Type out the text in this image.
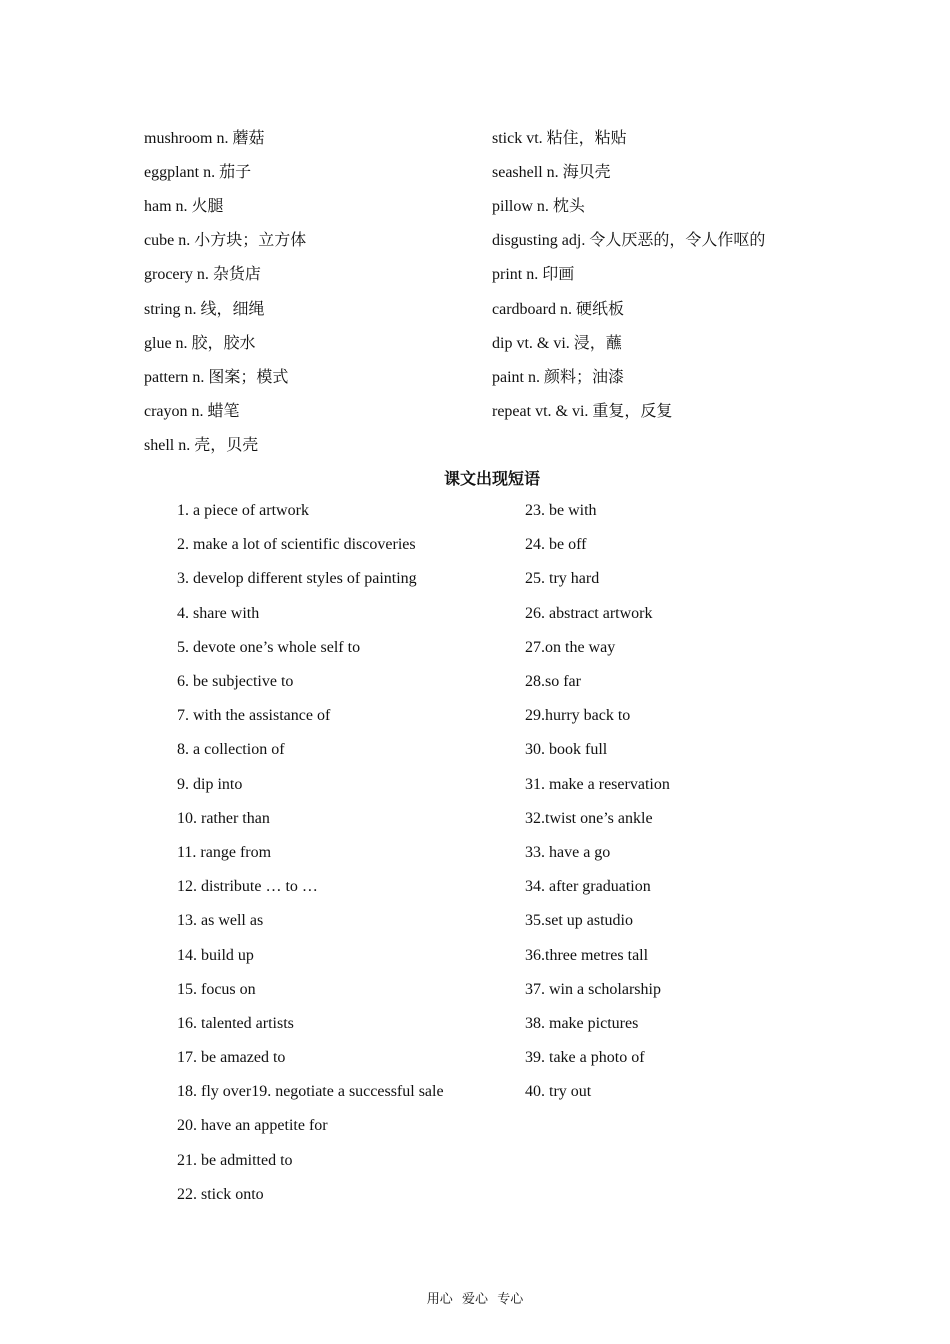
mushroom n. 蘑菇	stick vt. 粘住，粘贴
eggplant n. 茄子	seashell n. 海贝壳
ham n. 火腿	pillow n. 枕头
cube n. 小方块；立方体	disgusting adj. 令人厌恶的，令人作呕的
grocery n. 杂货店	print n. 印画
string n. 线，细绳	cardboard n. 硬纸板
glue n. 胶，胶水	dip vt. & vi. 浸，蘸
pattern n. 图案；模式	paint n. 颜料；油漆
crayon n. 蜡笔	repeat vt. & vi. 重复，反复
shell n. 壳，贝壳
课文出现短语
1. a piece of artwork	23. be with
2. make a lot of scientific discoveries	24. be off
3. develop different styles of painting	25. try hard
4. share with	26. abstract artwork
5. devote one’s whole self to	27.on the way
6. be subjective to	28.so far
7. with the assistance of	29.hurry back to
8. a collection of	30. book full
9. dip into	31. make a reservation
10. rather than	32.twist one’s ankle
11. range from	33. have a go
12. distribute … to …	34. after graduation
13. as well as	35.set up astudio
14. build up	36.three metres tall
15. focus on	37. win a scholarship
16. talented artists	38. make pictures
17. be amazed to	39. take a photo of
18. fly over19. negotiate a successful sale	40. try out
20. have an appetite for
21. be admitted to
22. stick onto
用心 爱心 专心
